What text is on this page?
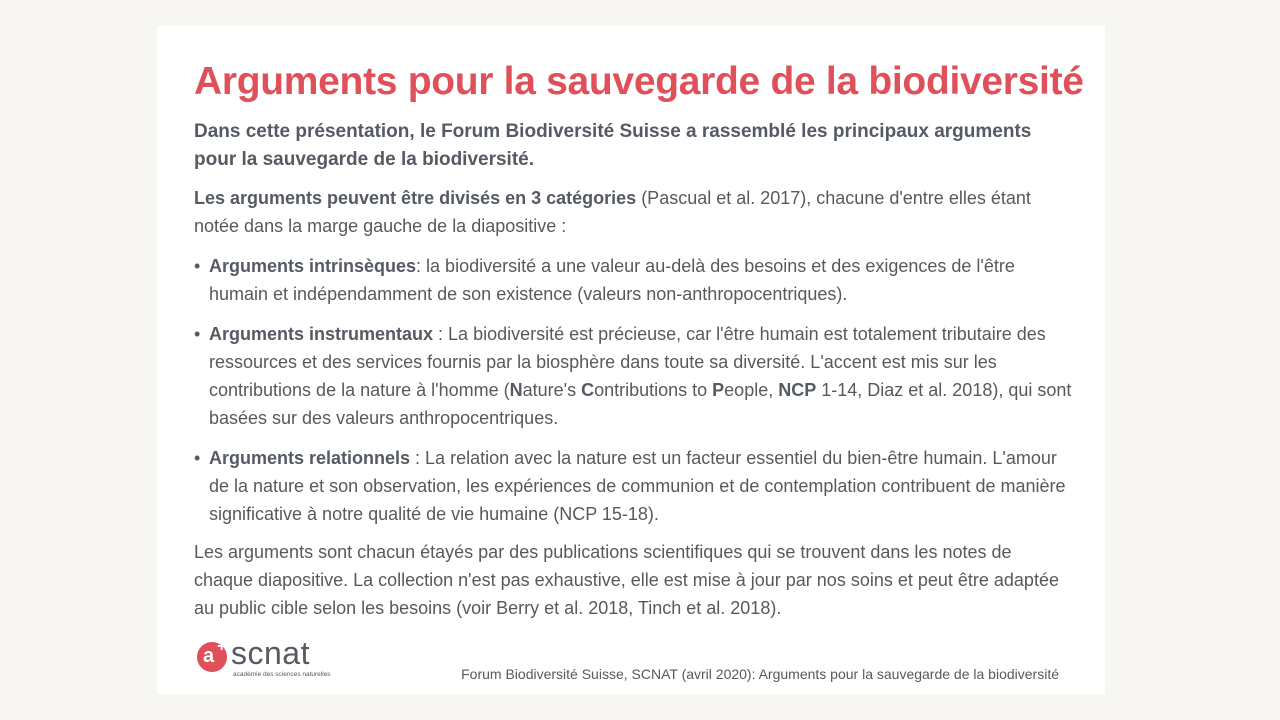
Arguments pour la sauvegarde de la biodiversité

Dans cette présentation, le Forum Biodiversité Suisse a rassemblé les principaux arguments pour la sauvegarde de la biodiversité.

Les arguments peuvent être divisés en 3 catégories (Pascual et al. 2017), chacune d'entre elles étant notée dans la marge gauche de la diapositive :

• Arguments intrinsèques: la biodiversité a une valeur au-delà des besoins et des exigences de l'être humain et indépendamment de son existence (valeurs non-anthropocentriques).
• Arguments instrumentaux : La biodiversité est précieuse, car l'être humain est totalement tributaire des ressources et des services fournis par la biosphère dans toute sa diversité. L'accent est mis sur les contributions de la nature à l'homme (Nature's Contributions to People, NCP 1-14, Diaz et al. 2018), qui sont basées sur des valeurs anthropocentriques.
• Arguments relationnels : La relation avec la nature est un facteur essentiel du bien-être humain. L'amour de la nature et son observation, les expériences de communion et de contemplation contribuent de manière significative à notre qualité de vie humaine (NCP 15-18).

Les arguments sont chacun étayés par des publications scientifiques qui se trouvent dans les notes de chaque diapositive. La collection n'est pas exhaustive, elle est mise à jour par nos soins et peut être adaptée au public cible selon les besoins (voir Berry et al. 2018, Tinch et al. 2018).

a + scnat
académie des sciences naturelles	Forum Biodiversité Suisse, SCNAT (avril 2020): Arguments pour la sauvegarde de la biodiversité
